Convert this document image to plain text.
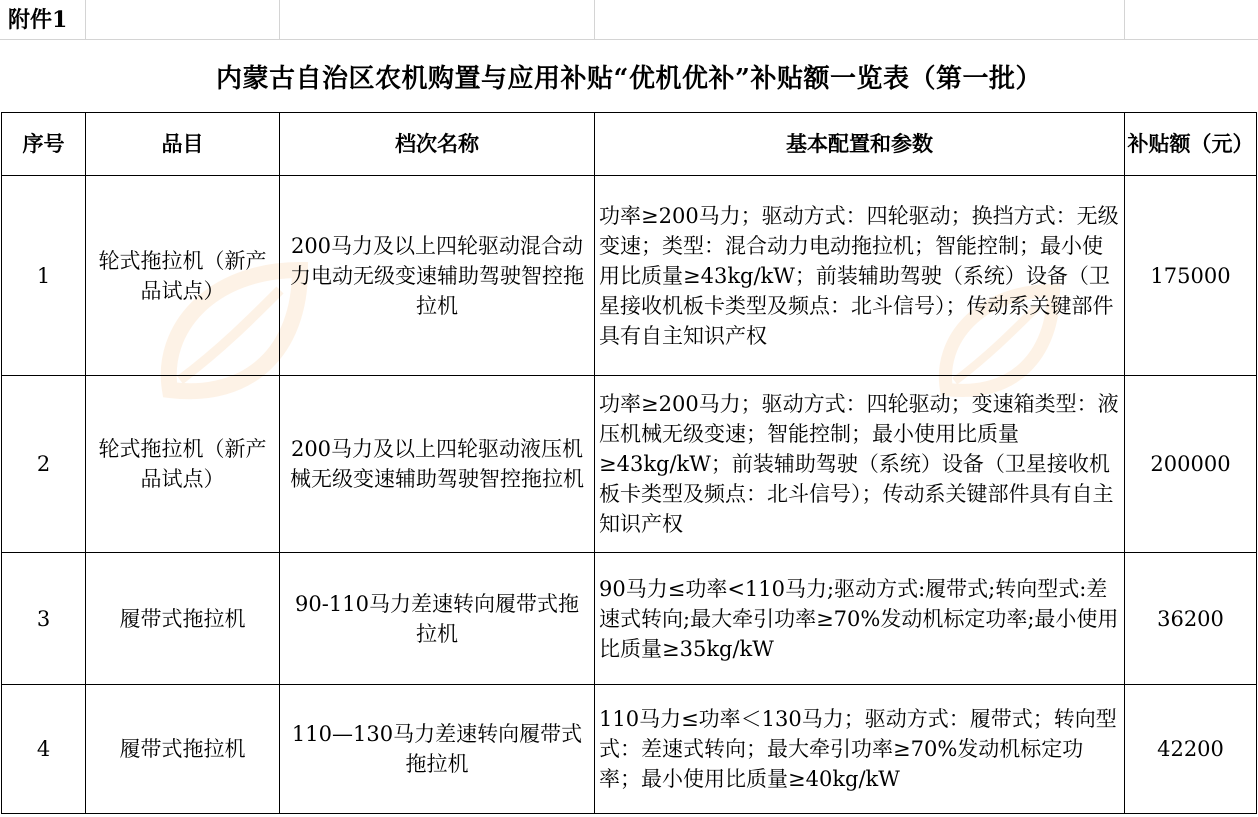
附件1
内蒙古自治区农机购置与应用补贴“优机优补”补贴额一览表（第一批）
序号	品目	档次名称	基本配置和参数	补贴额（元）
1	轮式拖拉机（新产品试点）	200马力及以上四轮驱动混合动力电动无级变速辅助驾驶智控拖拉机	功率≥200马力；驱动方式：四轮驱动；换挡方式：无级变速；类型：混合动力电动拖拉机；智能控制；最小使用比质量≥43kg/kW；前装辅助驾驶（系统）设备（卫星接收机板卡类型及频点：北斗信号）；传动系关键部件具有自主知识产权	175000
2	轮式拖拉机（新产品试点）	200马力及以上四轮驱动液压机械无级变速辅助驾驶智控拖拉机	功率≥200马力；驱动方式：四轮驱动；变速箱类型：液压机械无级变速；智能控制；最小使用比质量≥43kg/kW；前装辅助驾驶（系统）设备（卫星接收机板卡类型及频点：北斗信号）；传动系关键部件具有自主知识产权	200000
3	履带式拖拉机	90-110马力差速转向履带式拖拉机	90马力≤功率<110马力;驱动方式:履带式;转向型式:差速式转向;最大牵引功率≥70%发动机标定功率;最小使用比质量≥35kg/kW	36200
4	履带式拖拉机	110—130马力差速转向履带式拖拉机	110马力≤功率＜130马力；驱动方式：履带式；转向型式：差速式转向；最大牵引功率≥70%发动机标定功率；最小使用比质量≥40kg/kW	42200
